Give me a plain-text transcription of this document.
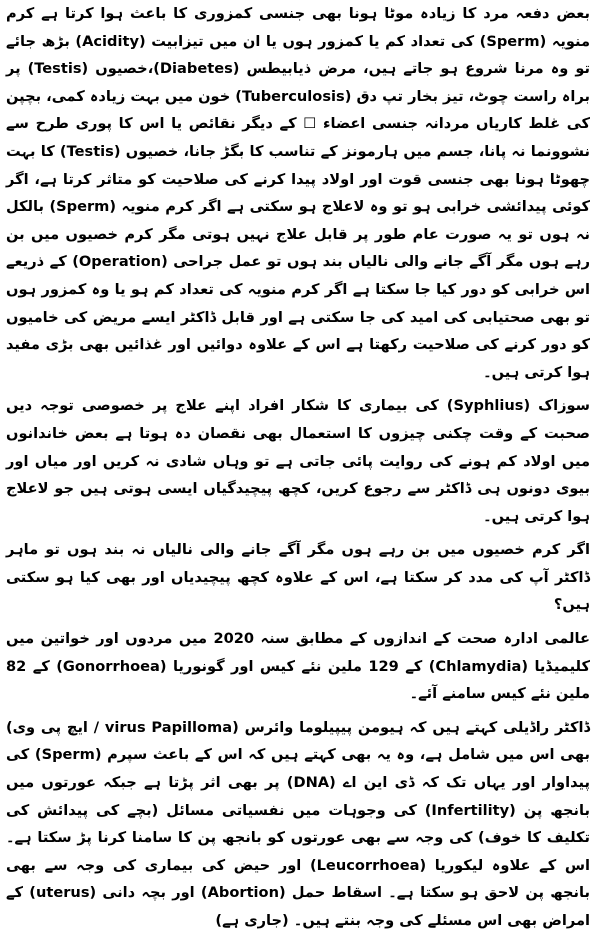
بعض دفعہ مرد کا زیادہ موٹا ہونا بھی جنسی کمزوری کا باعث ہوا کرتا ہے کرم منویہ (Sperm) کی تعداد کم یا کمزور ہوں یا ان میں تیزابیت (Acidity) بڑھ جائے تو وہ مرنا شروع ہو جاتے ہیں، مرض ذیابیطس (Diabetes)،خصیوں (Testis) پر براہ راست چوٹ، تیز بخار تپ دق (Tuberculosis) خون میں بہت زیادہ کمی، بچپن کی غلط کاریاں مردانہ جنسی اعضاء ☐ کے دیگر نقائص یا اس کا پوری طرح سے نشوونما نہ پانا، جسم میں ہارمونز کے تناسب کا بگڑ جانا، خصیوں (Testis) کا بہت چھوٹا ہونا بھی جنسی قوت اور اولاد پیدا کرنے کی صلاحیت کو متاثر کرتا ہے، اگر کوئی پیدائشی خرابی ہو تو وہ لاعلاج ہو سکتی ہے اگر کرم منویہ (Sperm) بالکل نہ ہوں تو یہ صورت عام طور پر قابل علاج نہیں ہوتی مگر کرم خصیوں میں بن رہے ہوں مگر آگے جانے والی نالیاں بند ہوں تو عمل جراحی (Operation) کے ذریعے اس خرابی کو دور کیا جا سکتا ہے اگر کرم منویہ کی تعداد کم ہو یا وہ کمزور ہوں تو بھی صحتیابی کی امید کی جا سکتی ہے اور قابل ڈاکٹر ایسے مریض کی خامیوں کو دور کرنے کی صلاحیت رکھتا ہے اس کے علاوہ دوائیں اور غذائیں بھی بڑی مفید ہوا کرتی ہیں۔

سوزاک (Syphlius) کی بیماری کا شکار افراد اپنے علاج پر خصوصی توجہ دیں صحبت کے وقت چکنی چیزوں کا استعمال بھی نقصان دہ ہوتا ہے بعض خاندانوں میں اولاد کم ہونے کی روایت پائی جاتی ہے تو وہاں شادی نہ کریں اور میاں اور بیوی دونوں ہی ڈاکٹر سے رجوع کریں، کچھ پیچیدگیاں ایسی ہوتی ہیں جو لاعلاج ہوا کرتی ہیں۔

اگر کرم خصیوں میں بن رہے ہوں مگر آگے جانے والی نالیاں نہ بند ہوں تو ماہر ڈاکٹر آپ کی مدد کر سکتا ہے، اس کے علاوہ کچھ پیچیدیاں اور بھی کیا ہو سکتی ہیں؟

عالمی ادارہ صحت کے اندازوں کے مطابق سنہ 2020 میں مردوں اور خواتین میں کلیمیڈیا (Chlamydia) کے 129 ملین نئے کیس اور گونوریا (Gonorrhoea) کے 82 ملین نئے کیس سامنے آئے۔

ڈاکٹر راڈیلی کہتے ہیں کہ ہیومن پیپیلوما وائرس (virus Papilloma / ایچ پی وی) بھی اس میں شامل ہے، وہ یہ بھی کہتے ہیں کہ اس کے باعث سپرم (Sperm) کی پیداوار اور یہاں تک کہ ڈی این اے (DNA) پر بھی اثر پڑتا ہے جبکہ عورتوں میں بانجھ پن (Infertility) کی وجوہات میں نفسیاتی مسائل (بچے کی پیدائش کی تکلیف کا خوف) کی وجہ سے بھی عورتوں کو بانجھ پن کا سامنا کرنا پڑ سکتا ہے۔ اس کے علاوہ لیکوریا (Leucorrhoea) اور حیض کی بیماری کی وجہ سے بھی بانجھ پن لاحق ہو سکتا ہے۔ اسقاط حمل (Abortion) اور بچہ دانی (uterus) کے امراض بھی اس مسئلے کی وجہ بنتے ہیں۔ (جاری ہے)
